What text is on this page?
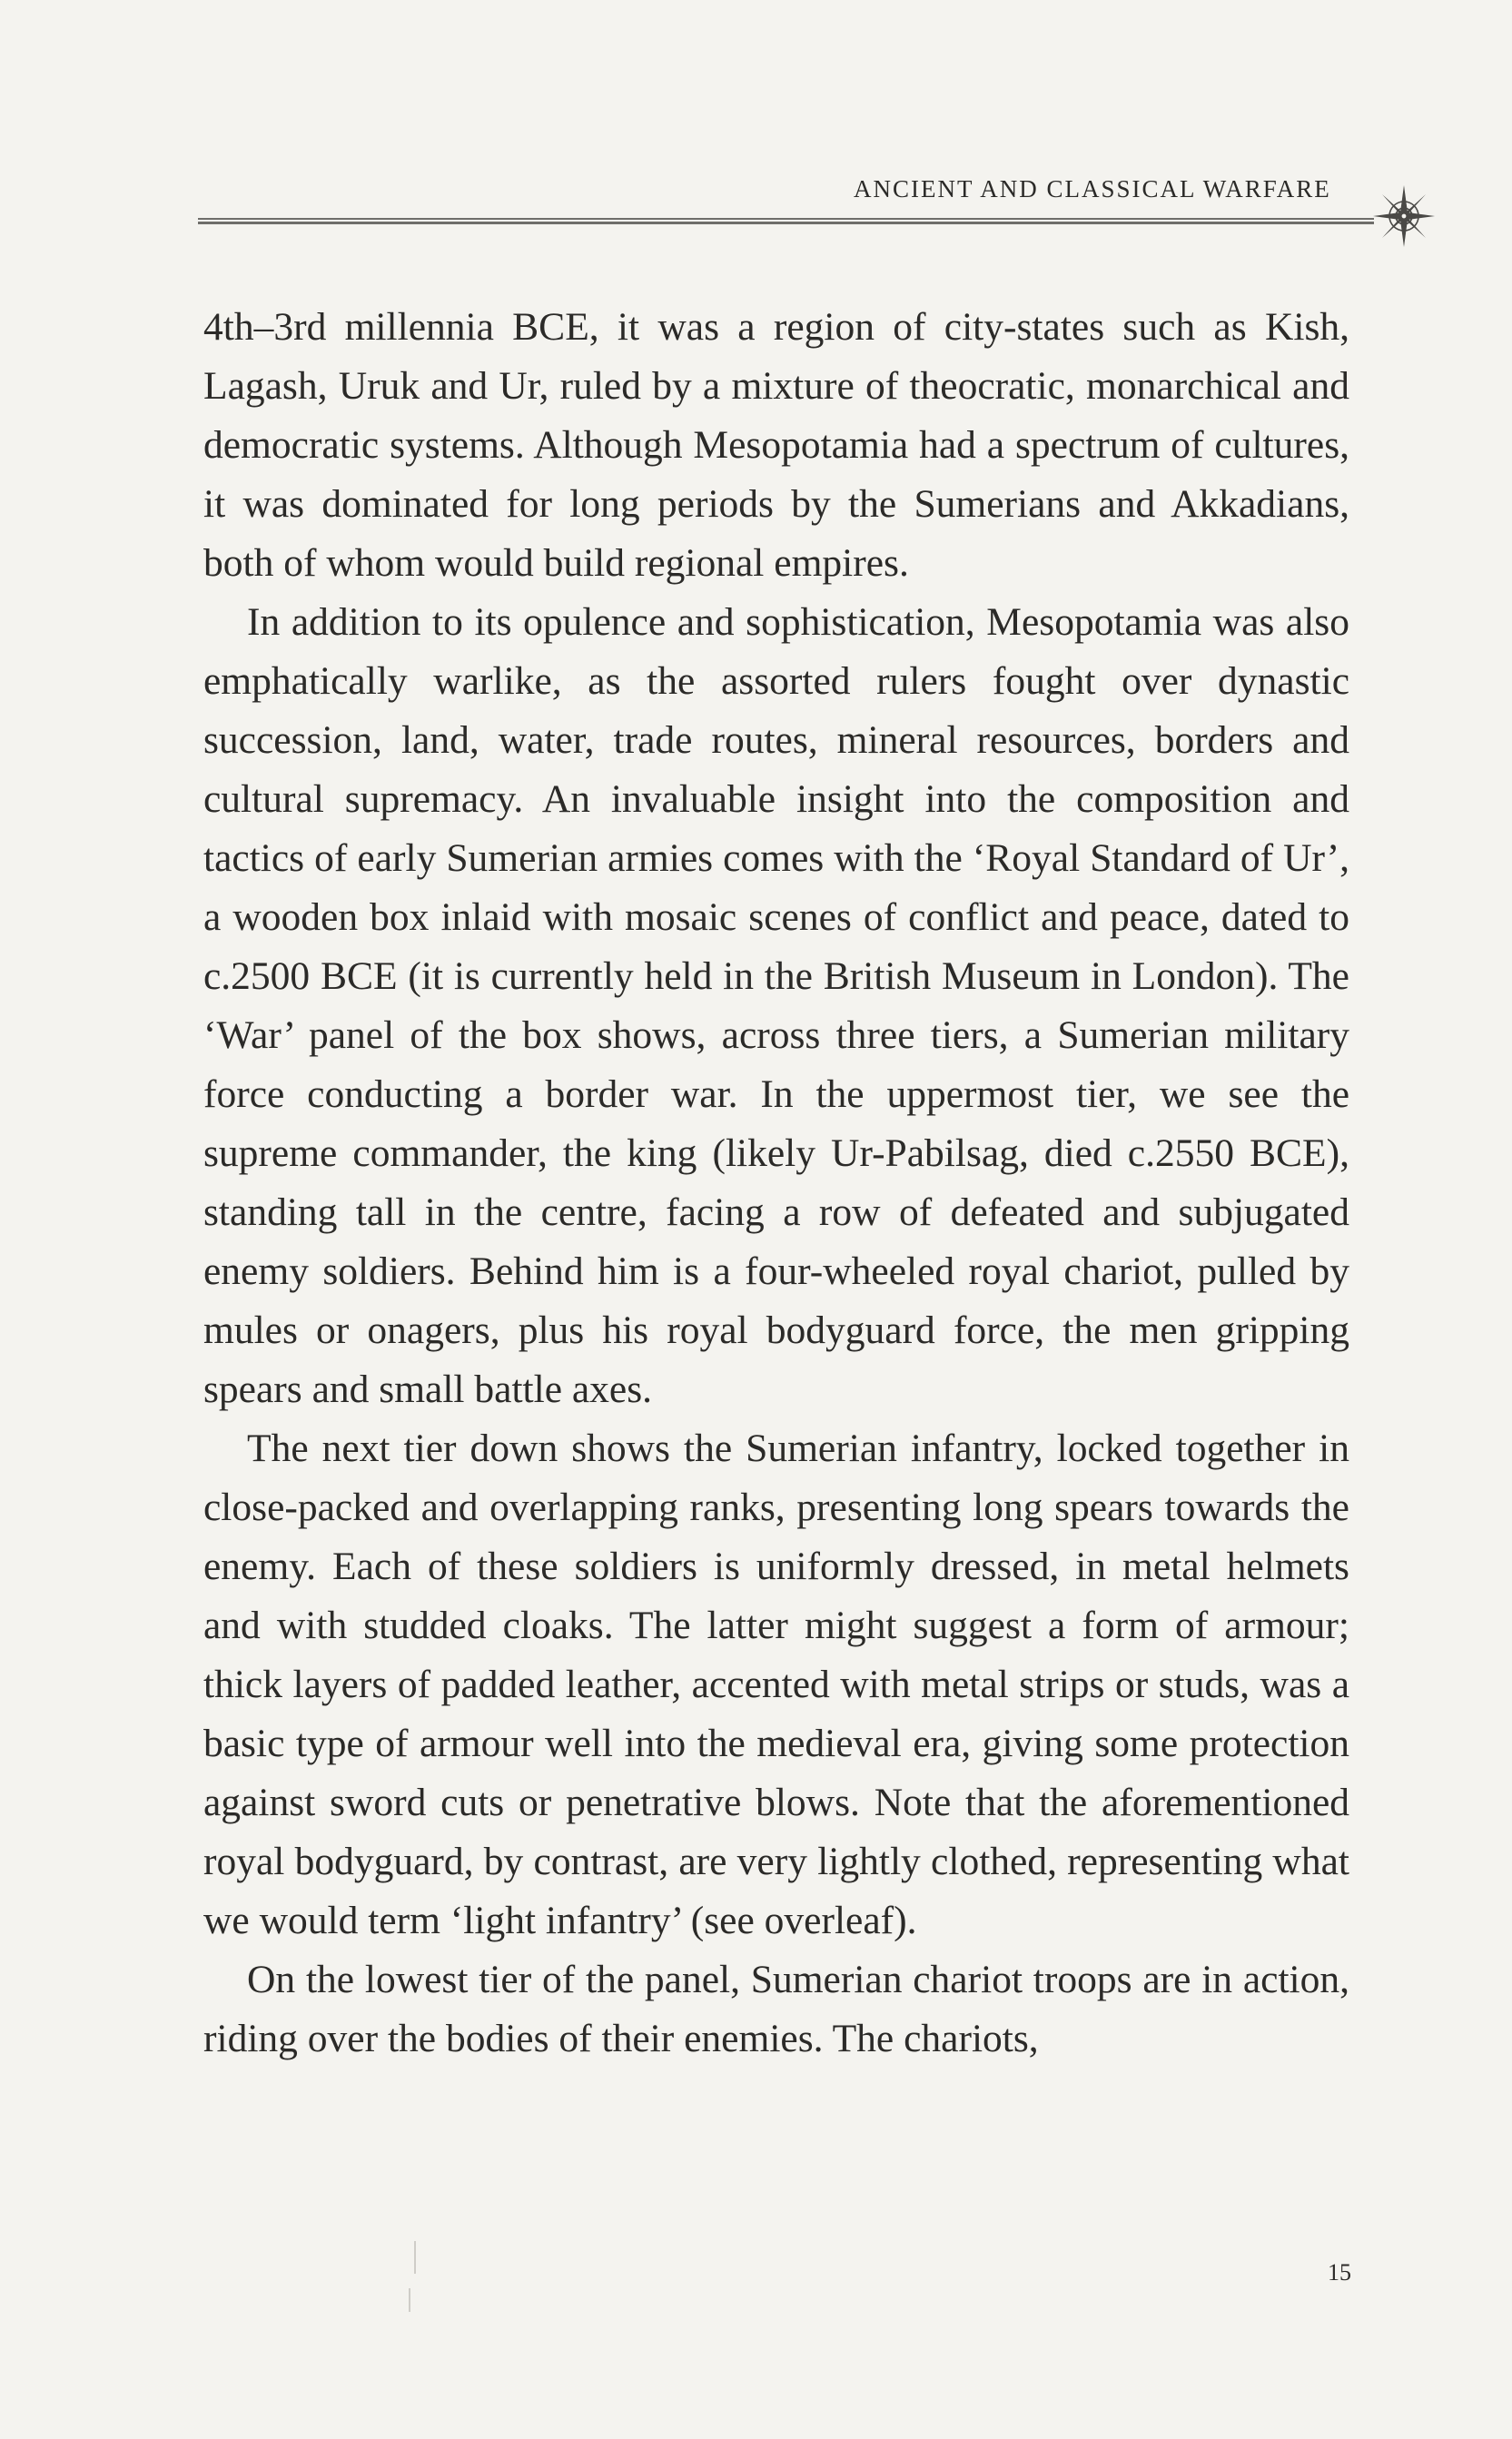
ANCIENT AND CLASSICAL WARFARE

4th–3rd millennia BCE, it was a region of city-states such as Kish, Lagash, Uruk and Ur, ruled by a mixture of theocratic, monarchical and democratic systems. Although Mesopotamia had a spectrum of cultures, it was dominated for long periods by the Sumerians and Akkadians, both of whom would build regional empires.

In addition to its opulence and sophistication, Mesopotamia was also emphatically warlike, as the assorted rulers fought over dynastic succession, land, water, trade routes, mineral resources, borders and cultural supremacy. An invaluable insight into the composition and tactics of early Sumerian armies comes with the ‘Royal Standard of Ur’, a wooden box inlaid with mosaic scenes of conflict and peace, dated to c.2500 BCE (it is currently held in the British Museum in London). The ‘War’ panel of the box shows, across three tiers, a Sumerian military force conducting a border war. In the uppermost tier, we see the supreme commander, the king (likely Ur-Pabilsag, died c.2550 BCE), standing tall in the centre, facing a row of defeated and subjugated enemy soldiers. Behind him is a four-wheeled royal chariot, pulled by mules or onagers, plus his royal bodyguard force, the men gripping spears and small battle axes.

The next tier down shows the Sumerian infantry, locked together in close-packed and overlapping ranks, presenting long spears towards the enemy. Each of these soldiers is uniformly dressed, in metal helmets and with studded cloaks. The latter might suggest a form of armour; thick layers of padded leather, accented with metal strips or studs, was a basic type of armour well into the medieval era, giving some protection against sword cuts or penetrative blows. Note that the aforementioned royal bodyguard, by contrast, are very lightly clothed, representing what we would term ‘light infantry’ (see overleaf).

On the lowest tier of the panel, Sumerian chariot troops are in action, riding over the bodies of their enemies. The chariots,

15
